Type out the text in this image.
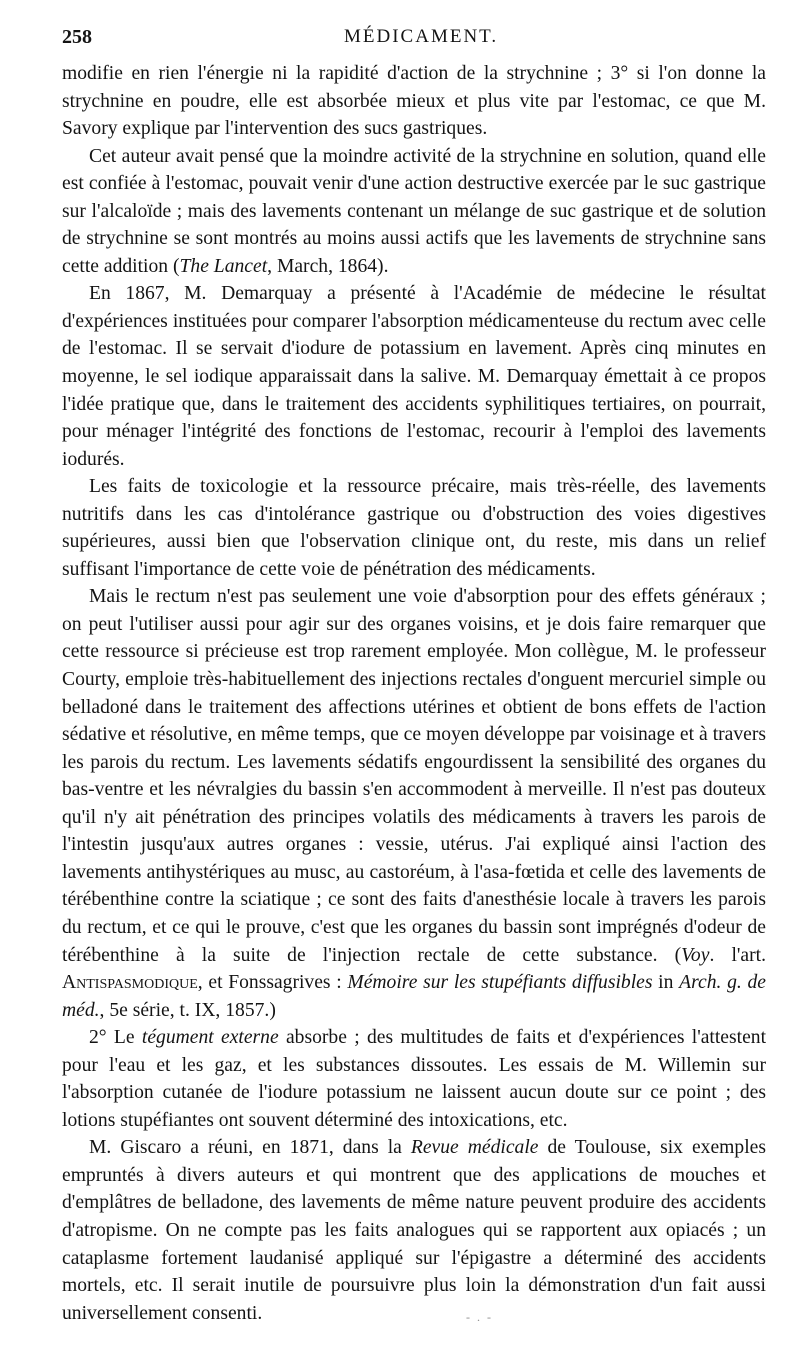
258	MÉDICAMENT.

modifie en rien l'énergie ni la rapidité d'action de la strychnine ; 3° si l'on donne la strychnine en poudre, elle est absorbée mieux et plus vite par l'estomac, ce que M. Savory explique par l'intervention des sucs gastriques.

Cet auteur avait pensé que la moindre activité de la strychnine en solution, quand elle est confiée à l'estomac, pouvait venir d'une action destructive exercée par le suc gastrique sur l'alcaloïde ; mais des lavements contenant un mélange de suc gastrique et de solution de strychnine se sont montrés au moins aussi actifs que les lavements de strychnine sans cette addition (The Lancet, March, 1864).

En 1867, M. Demarquay a présenté à l'Académie de médecine le résultat d'expériences instituées pour comparer l'absorption médicamenteuse du rectum avec celle de l'estomac. Il se servait d'iodure de potassium en lavement. Après cinq minutes en moyenne, le sel iodique apparaissait dans la salive. M. Demarquay émettait à ce propos l'idée pratique que, dans le traitement des accidents syphilitiques tertiaires, on pourrait, pour ménager l'intégrité des fonctions de l'estomac, recourir à l'emploi des lavements iodurés.

Les faits de toxicologie et la ressource précaire, mais très-réelle, des lavements nutritifs dans les cas d'intolérance gastrique ou d'obstruction des voies digestives supérieures, aussi bien que l'observation clinique ont, du reste, mis dans un relief suffisant l'importance de cette voie de pénétration des médicaments.

Mais le rectum n'est pas seulement une voie d'absorption pour des effets généraux ; on peut l'utiliser aussi pour agir sur des organes voisins, et je dois faire remarquer que cette ressource si précieuse est trop rarement employée. Mon collègue, M. le professeur Courty, emploie très-habituellement des injections rectales d'onguent mercuriel simple ou belladoné dans le traitement des affections utérines et obtient de bons effets de l'action sédative et résolutive, en même temps, que ce moyen développe par voisinage et à travers les parois du rectum. Les lavements sédatifs engourdissent la sensibilité des organes du bas-ventre et les névralgies du bassin s'en accommodent à merveille. Il n'est pas douteux qu'il n'y ait pénétration des principes volatils des médicaments à travers les parois de l'intestin jusqu'aux autres organes : vessie, utérus. J'ai expliqué ainsi l'action des lavements antihystériques au musc, au castoréum, à l'asa-fœtida et celle des lavements de térébenthine contre la sciatique ; ce sont des faits d'anesthésie locale à travers les parois du rectum, et ce qui le prouve, c'est que les organes du bassin sont imprégnés d'odeur de térébenthine à la suite de l'injection rectale de cette substance. (Voy. l'art. Antispasmodique, et Fonssagrives : Mémoire sur les stupéfiants diffusibles in Arch. g. de méd., 5e série, t. IX, 1857.)

2° Le tégument externe absorbe ; des multitudes de faits et d'expériences l'attestent pour l'eau et les gaz, et les substances dissoutes. Les essais de M. Willemin sur l'absorption cutanée de l'iodure potassium ne laissent aucun doute sur ce point ; des lotions stupéfiantes ont souvent déterminé des intoxications, etc.

M. Giscaro a réuni, en 1871, dans la Revue médicale de Toulouse, six exemples empruntés à divers auteurs et qui montrent que des applications de mouches et d'emplâtres de belladone, des lavements de même nature peuvent produire des accidents d'atropisme. On ne compte pas les faits analogues qui se rapportent aux opiacés ; un cataplasme fortement laudanisé appliqué sur l'épigastre a déterminé des accidents mortels, etc. Il serait inutile de poursuivre plus loin la démonstration d'un fait aussi universellement consenti.	- . -
